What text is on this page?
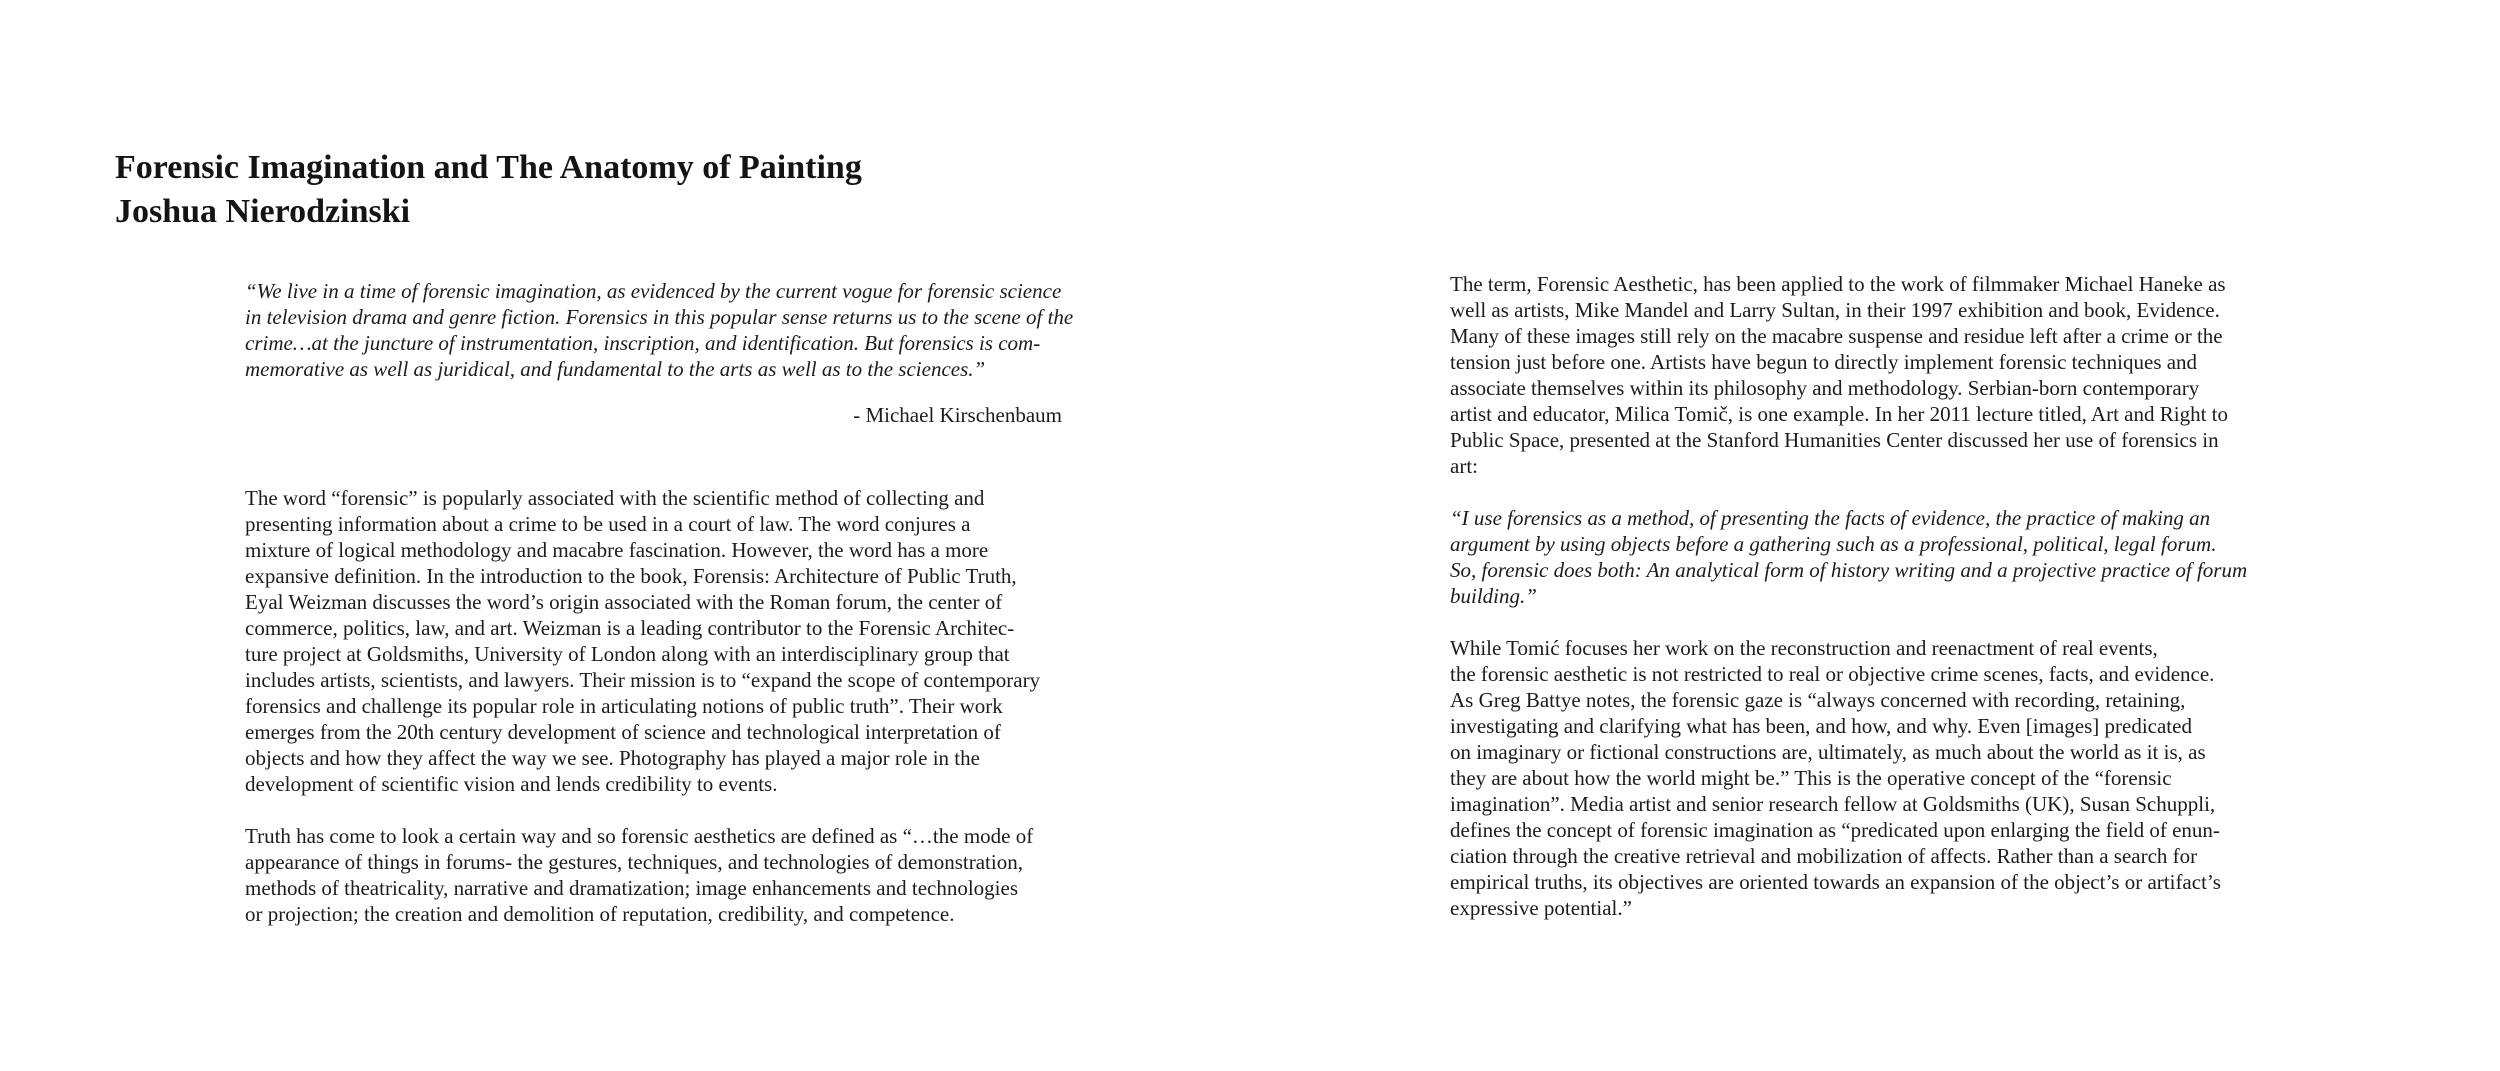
Forensic Imagination and The Anatomy of Painting
Joshua Nierodzinski
“We live in a time of forensic imagination, as evidenced by the current vogue for forensic science
in television drama and genre fiction. Forensics in this popular sense returns us to the scene of the
crime…at the juncture of instrumentation, inscription, and identification. But forensics is com-
memorative as well as juridical, and fundamental to the arts as well as to the sciences.”
- Michael Kirschenbaum
The word “forensic” is popularly associated with the scientific method of collecting and
presenting information about a crime to be used in a court of law. The word conjures a
mixture of logical methodology and macabre fascination. However, the word has a more
expansive definition. In the introduction to the book, Forensis: Architecture of Public Truth,
Eyal Weizman discusses the word’s origin associated with the Roman forum, the center of
commerce, politics, law, and art. Weizman is a leading contributor to the Forensic Architec-
ture project at Goldsmiths, University of London along with an interdisciplinary group that
includes artists, scientists, and lawyers. Their mission is to “expand the scope of contemporary
forensics and challenge its popular role in articulating notions of public truth”. Their work
emerges from the 20th century development of science and technological interpretation of
objects and how they affect the way we see. Photography has played a major role in the
development of scientific vision and lends credibility to events.
Truth has come to look a certain way and so forensic aesthetics are defined as “…the mode of
appearance of things in forums- the gestures, techniques, and technologies of demonstration,
methods of theatricality, narrative and dramatization; image enhancements and technologies
or projection; the creation and demolition of reputation, credibility, and competence.
The term, Forensic Aesthetic, has been applied to the work of filmmaker Michael Haneke as
well as artists, Mike Mandel and Larry Sultan, in their 1997 exhibition and book, Evidence.
Many of these images still rely on the macabre suspense and residue left after a crime or the
tension just before one. Artists have begun to directly implement forensic techniques and
associate themselves within its philosophy and methodology. Serbian-born contemporary
artist and educator, Milica Tomič, is one example. In her 2011 lecture titled, Art and Right to
Public Space, presented at the Stanford Humanities Center discussed her use of forensics in
art:
“I use forensics as a method, of presenting the facts of evidence, the practice of making an
argument by using objects before a gathering such as a professional, political, legal forum.
So, forensic does both: An analytical form of history writing and a projective practice of forum
building.”
While Tomić focuses her work on the reconstruction and reenactment of real events,
the forensic aesthetic is not restricted to real or objective crime scenes, facts, and evidence.
As Greg Battye notes, the forensic gaze is “always concerned with recording, retaining,
investigating and clarifying what has been, and how, and why. Even [images] predicated
on imaginary or fictional constructions are, ultimately, as much about the world as it is, as
they are about how the world might be.” This is the operative concept of the “forensic
imagination”. Media artist and senior research fellow at Goldsmiths (UK), Susan Schuppli,
defines the concept of forensic imagination as “predicated upon enlarging the field of enun-
ciation through the creative retrieval and mobilization of affects. Rather than a search for
empirical truths, its objectives are oriented towards an expansion of the object’s or artifact’s
expressive potential.”
